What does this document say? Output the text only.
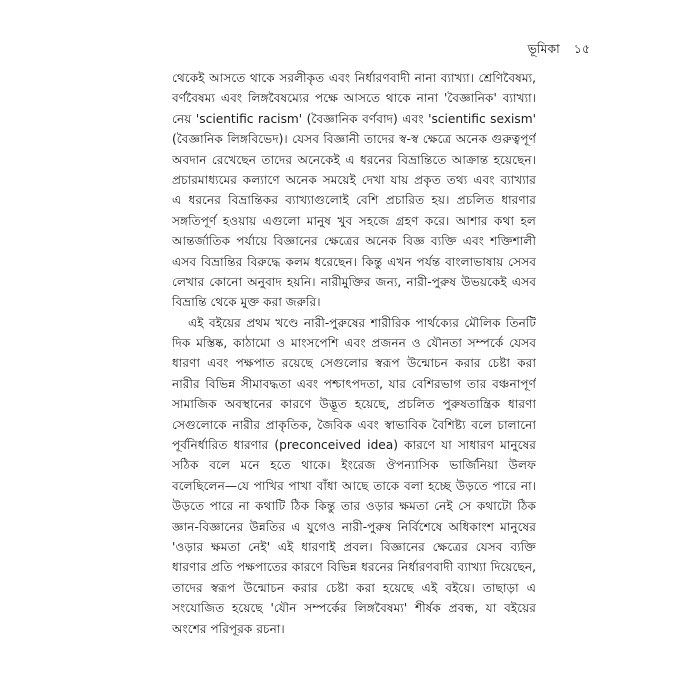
ভূমিকা ১৫
থেকেই আসতে থাকে সরলীকৃত এবং নির্ধারণবাদী নানা ব্যাখ্যা। শ্রেণিবৈষম্য,
বর্ণবৈষম্য এবং লিঙ্গবৈষম্যের পক্ষে আসতে থাকে নানা 'বৈজ্ঞানিক' ব্যাখ্যা।
নেয় 'scientific racism' (বৈজ্ঞানিক বর্ণবাদ) এবং 'scientific sexism'
(বৈজ্ঞানিক লিঙ্গবিভেদ)। যেসব বিজ্ঞানী তাদের স্ব-স্ব ক্ষেত্রে অনেক গুরুত্বপূর্ণ
অবদান রেখেছেন তাদের অনেকেই এ ধরনের বিভ্রান্তিতে আক্রান্ত হয়েছেন।
প্রচারমাধ্যমের কল্যাণে অনেক সময়েই দেখা যায় প্রকৃত তথ্য এবং ব্যাখ্যার
এ ধরনের বিভ্রান্তিকর ব্যাখ্যাগুলোই বেশি প্রচারিত হয়। প্রচলিত ধারণার
সঙ্গতিপূর্ণ হওয়ায় এগুলো মানুষ খুব সহজে গ্রহণ করে। আশার কথা হল
আন্তর্জাতিক পর্যায়ে বিজ্ঞানের ক্ষেত্রের অনেক বিজ্ঞ ব্যক্তি এবং শক্তিশালী
এসব বিভ্রান্তির বিরুদ্ধে কলম ধরেছেন। কিন্তু এখন পর্যন্ত বাংলাভাষায় সেসব
লেখার কোনো অনুবাদ হয়নি। নারীমুক্তির জন্য, নারী-পুরুষ উভয়কেই এসব
বিভ্রান্তি থেকে মুক্ত করা জরুরি।
এই বইয়ের প্রথম খণ্ডে নারী-পুরুষের শারীরিক পার্থক্যের মৌলিক তিনটি
দিক মস্তিষ্ক, কাঠামো ও মাংসপেশি এবং প্রজনন ও যৌনতা সম্পর্কে যেসব
ধারণা এবং পক্ষপাত রয়েছে সেগুলোর স্বরূপ উন্মোচন করার চেষ্টা করা
নারীর বিভিন্ন সীমাবদ্ধতা এবং পশ্চাৎপদতা, যার বেশিরভাগ তার বঞ্চনাপূর্ণ
সামাজিক অবস্থানের কারণে উদ্ভূত হয়েছে, প্রচলিত পুরুষতান্ত্রিক ধারণা
সেগুলোকে নারীর প্রাকৃতিক, জৈবিক এবং স্বাভাবিক বৈশিষ্ট্য বলে চালানো
পূর্বনির্ধারিত ধারণার (preconceived idea) কারণে যা সাধারণ মানুষের
সঠিক বলে মনে হতে থাকে। ইংরেজ ঔপন্যাসিক ভার্জিনিয়া উলফ
বলেছিলেন—যে পাখির পাখা বাঁধা আছে তাকে বলা হচ্ছে উড়তে পারে না।
উড়তে পারে না কথাটি ঠিক কিন্তু তার ওড়ার ক্ষমতা নেই সে কথাটো ঠিক
জ্ঞান-বিজ্ঞানের উন্নতির এ যুগেও নারী-পুরুষ নির্বিশেষে অধিকাংশ মানুষের
'ওড়ার ক্ষমতা নেই' এই ধারণাই প্রবল। বিজ্ঞানের ক্ষেত্রের যেসব ব্যক্তি
ধারণার প্রতি পক্ষপাতের কারণে বিভিন্ন ধরনের নির্ধারণবাদী ব্যাখ্যা দিয়েছেন,
তাদের স্বরূপ উন্মোচন করার চেষ্টা করা হয়েছে এই বইয়ে। তাছাড়া এ
সংযোজিত হয়েছে 'যৌন সম্পর্কের লিঙ্গবৈষম্য' শীর্ষক প্রবন্ধ, যা বইয়ের
অংশের পরিপূরক রচনা।
